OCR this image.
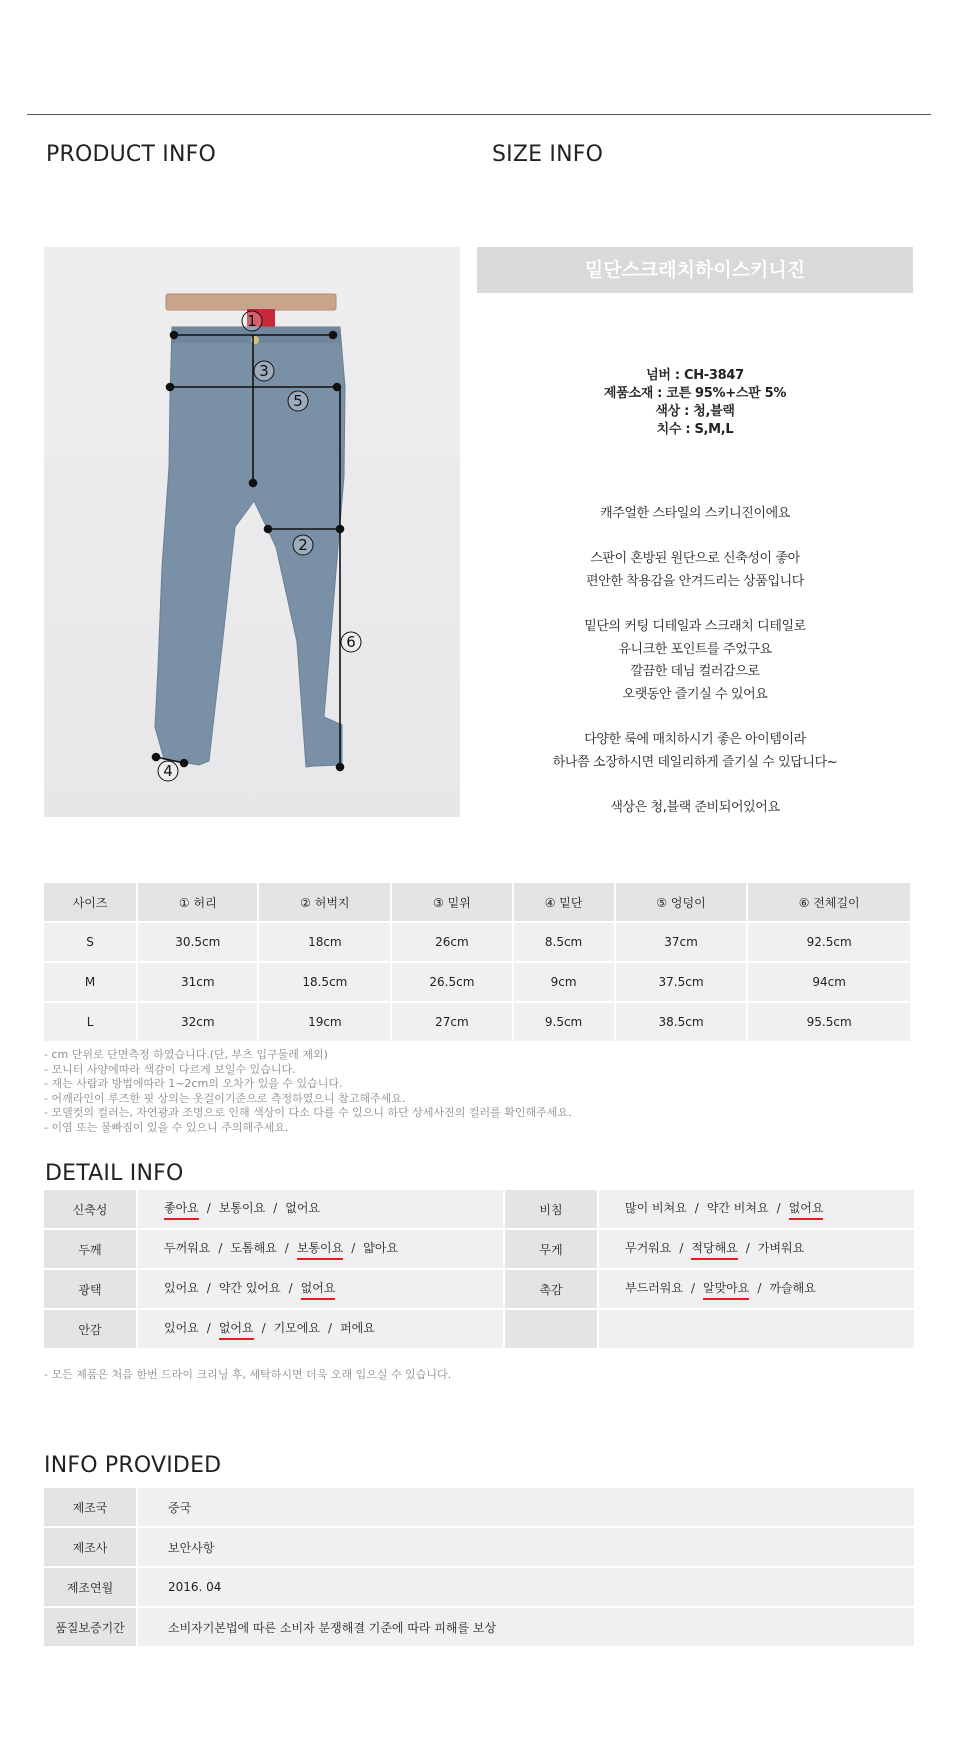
PRODUCT INFO	SIZE INFO
1
3
5
2
6
4
밑단스크래치하이스키니진
넘버 : CH-3847
제품소재 : 코튼 95%+스판 5%
색상 : 청,블랙
치수 : S,M,L
캐주얼한 스타일의 스키니진이에요
스판이 혼방된 원단으로 신축성이 좋아
편안한 착용감을 안겨드리는 상품입니다
밑단의 커팅 디테일과 스크래치 디테일로
유니크한 포인트를 주었구요
깔끔한 데님 컬러감으로
오랫동안 즐기실 수 있어요
다양한 룩에 매치하시기 좋은 아이템이라
하나쯤 소장하시면 데일리하게 즐기실 수 있답니다~
색상은 청,블랙 준비되어있어요
사이즈	① 허리	② 허벅지	③ 밑위	④ 밑단	⑤ 엉덩이	⑥ 전체길이		
S	30.5cm	18cm	26cm	8.5cm	37cm	92.5cm		
M	31cm	18.5cm	26.5cm	9cm	37.5cm	94cm		
L	32cm	19cm	27cm	9.5cm	38.5cm	95.5cm		
- cm 단위로 단면측정 하였습니다.(단, 부츠 입구둘레 제외)
- 모니터 사양에따라 색감이 다르게 보일수 있습니다.
- 재는 사람과 방법에따라 1~2cm의 오차가 있을 수 있습니다.
- 어깨라인이 루즈한 핏 상의는 옷걸이기준으로 측정하였으니 참고해주세요.
- 모델컷의 컬러는, 자연광과 조명으로 인해 색상이 다소 다를 수 있으니 하단 상세사진의 컬러를 확인해주세요.
- 이염 또는 물빠짐이 있을 수 있으니 주의해주세요.
DETAIL INFO
신축성	좋아요 / 보통이요 / 없어요	비침	많이 비쳐요 / 약간 비쳐요 / 없어요
두께	두꺼워요 / 도톰해요 / 보통이요 / 얇아요	무게	무거워요 / 적당해요 / 가벼워요
광택	있어요 / 약간 있어요 / 없어요	촉감	부드러워요 / 알맞아요 / 까슬해요
안감	있어요 / 없어요 / 기모에요 / 퍼에요		
- 모든 제품은 처음 한번 드라이 크리닝 후, 세탁하시면 더욱 오래 입으실 수 있습니다.
INFO PROVIDED
제조국	중국
제조사	보안사항
제조연월	2016. 04
품질보증기간	소비자기본법에 따른 소비자 분쟁해결 기준에 따라 피해를 보상
